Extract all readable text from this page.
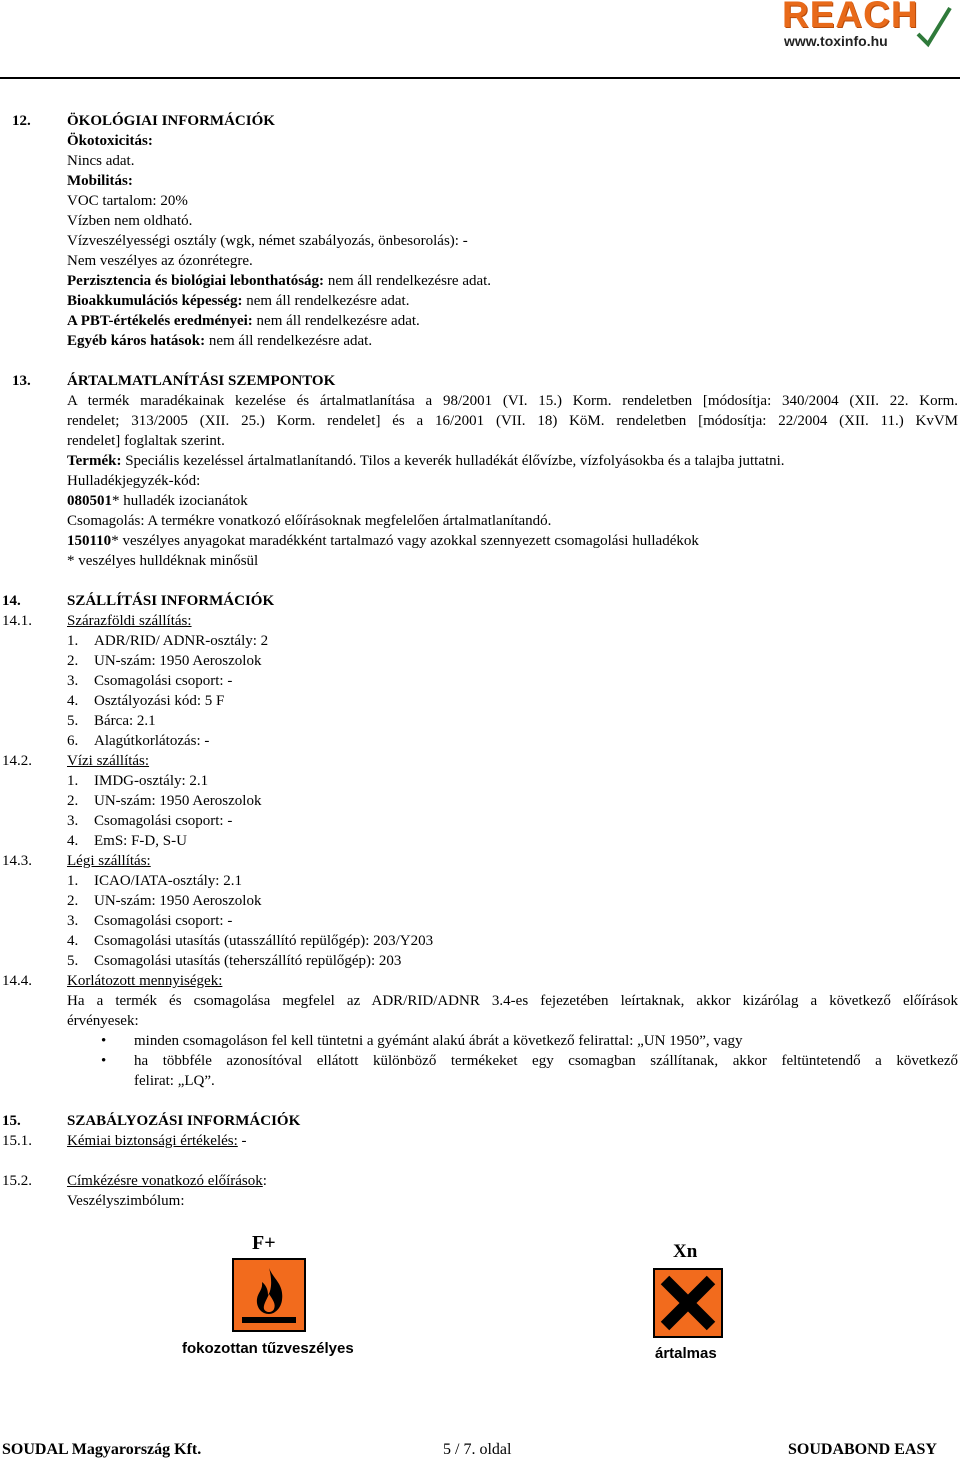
Elkészítés időpontja: 2010. október 18.
Felülvizsgálat időpontja: -	REACH
www.toxinfo.hu
http://www.biztonsagiadatlap.hu
12. ÖKOLÓGIAI INFORMÁCIÓK
Ökotoxicitás:
Nincs adat.
Mobilitás:
VOC tartalom: 20%
Vízben nem oldható.
Vízveszélyességi osztály (wgk, német szabályozás, önbesorolás): -
Nem veszélyes az ózonrétegre.
Perzisztencia és biológiai lebonthatóság: nem áll rendelkezésre adat.
Bioakkumulációs képesség: nem áll rendelkezésre adat.
A PBT-értékelés eredményei: nem áll rendelkezésre adat.
Egyéb káros hatások: nem áll rendelkezésre adat.
13. ÁRTALMATLANÍTÁSI SZEMPONTOK
A termék maradékainak kezelése és ártalmatlanítása a 98/2001 (VI. 15.) Korm. rendeletben [módosítja: 340/2004 (XII. 22. Korm.
rendelet; 313/2005 (XII. 25.) Korm. rendelet] és a 16/2001 (VII. 18) KöM. rendeletben [módosítja: 22/2004 (XII. 11.) KvVM
rendelet] foglaltak szerint.
Termék: Speciális kezeléssel ártalmatlanítandó. Tilos a keverék hulladékát élővízbe, vízfolyásokba és a talajba juttatni.
Hulladékjegyzék-kód:
080501* hulladék izocianátok
Csomagolás: A termékre vonatkozó előírásoknak megfelelően ártalmatlanítandó.
150110* veszélyes anyagokat maradékként tartalmazó vagy azokkal szennyezett csomagolási hulladékok
* veszélyes hulldéknak minősül
14.	SZÁLLÍTÁSI INFORMÁCIÓK
14.1. Szárazföldi szállítás:
1. ADR/RID/ ADNR-osztály: 2
2. UN-szám: 1950 Aeroszolok
3. Csomagolási csoport: -
4. Osztályozási kód: 5 F
5. Bárca: 2.1
6. Alagútkorlátozás: -
14.2. Vízi szállítás:
1. IMDG-osztály: 2.1
2. UN-szám: 1950 Aeroszolok
3. Csomagolási csoport: -
4. EmS: F-D, S-U
14.3. Légi szállítás:
1. ICAO/IATA-osztály: 2.1
2. UN-szám: 1950 Aeroszolok
3. Csomagolási csoport: -
4. Csomagolási utasítás (utasszállító repülőgép): 203/Y203
5. Csomagolási utasítás (teherszállító repülőgép): 203
14.4. Korlátozott mennyiségek:
Ha a termék és csomagolása megfelel az ADR/RID/ADNR 3.4-es fejezetében leírtaknak, akkor kizárólag a következő előírások
érvényesek:
• minden csomagoláson fel kell tüntetni a gyémánt alakú ábrát a következő felirattal: „UN 1950”, vagy
• ha többféle azonosítóval ellátott különböző termékeket egy csomagban szállítanak, akkor feltüntetendő a következő
felirat: „LQ”.
15.	SZABÁLYOZÁSI INFORMÁCIÓK
15.1. Kémiai biztonsági értékelés: -
15.2. Címkézésre vonatkozó előírások:
Veszélyszimbólum:
F+
fokozottan tűzveszélyes
Xn
ártalmas
SOUDAL Magyarország Kft.	5 / 7. oldal	SOUDABOND EASY
